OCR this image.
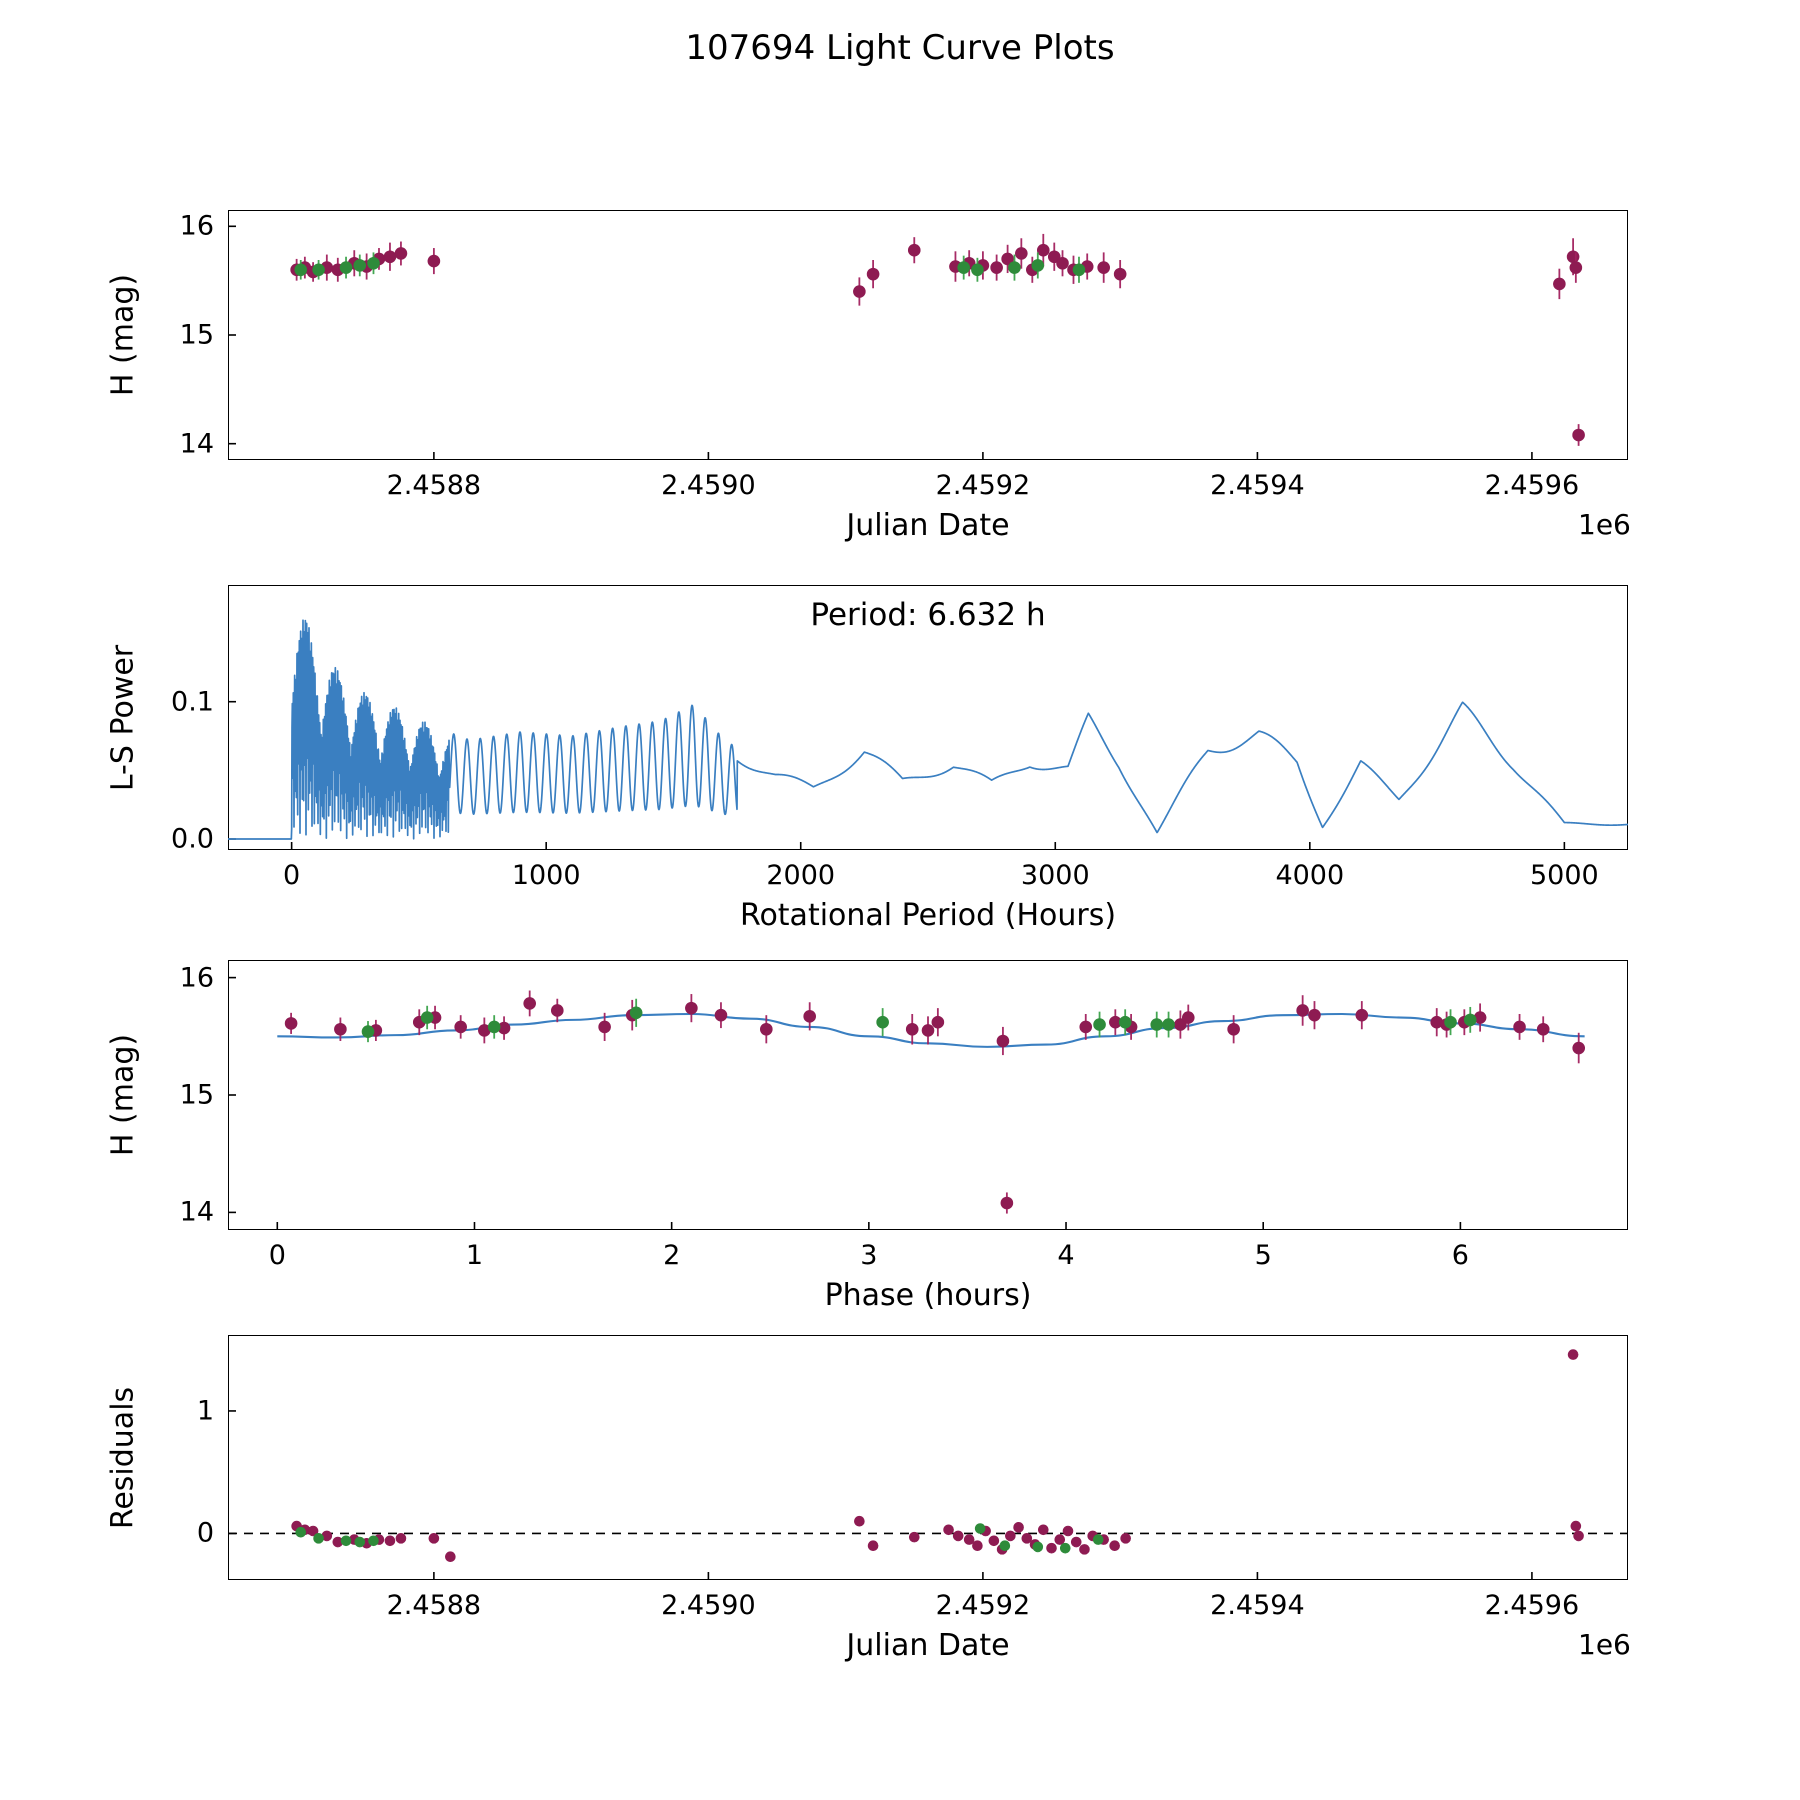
107694 Light Curve Plots
2.4588	2.4590	2.4592	2.4594	2.4596
14
15
16
Julian Date
H (mag)
1e6
0	1000	2000	3000	4000	5000
0.0
0.1
Rotational Period (Hours)
L-S Power
Period: 6.632 h
0	1	2	3	4	5	6
14
15
16
Phase (hours)
H (mag)
2.4588	2.4590	2.4592	2.4594	2.4596
0
1
Julian Date
Residuals
1e6
